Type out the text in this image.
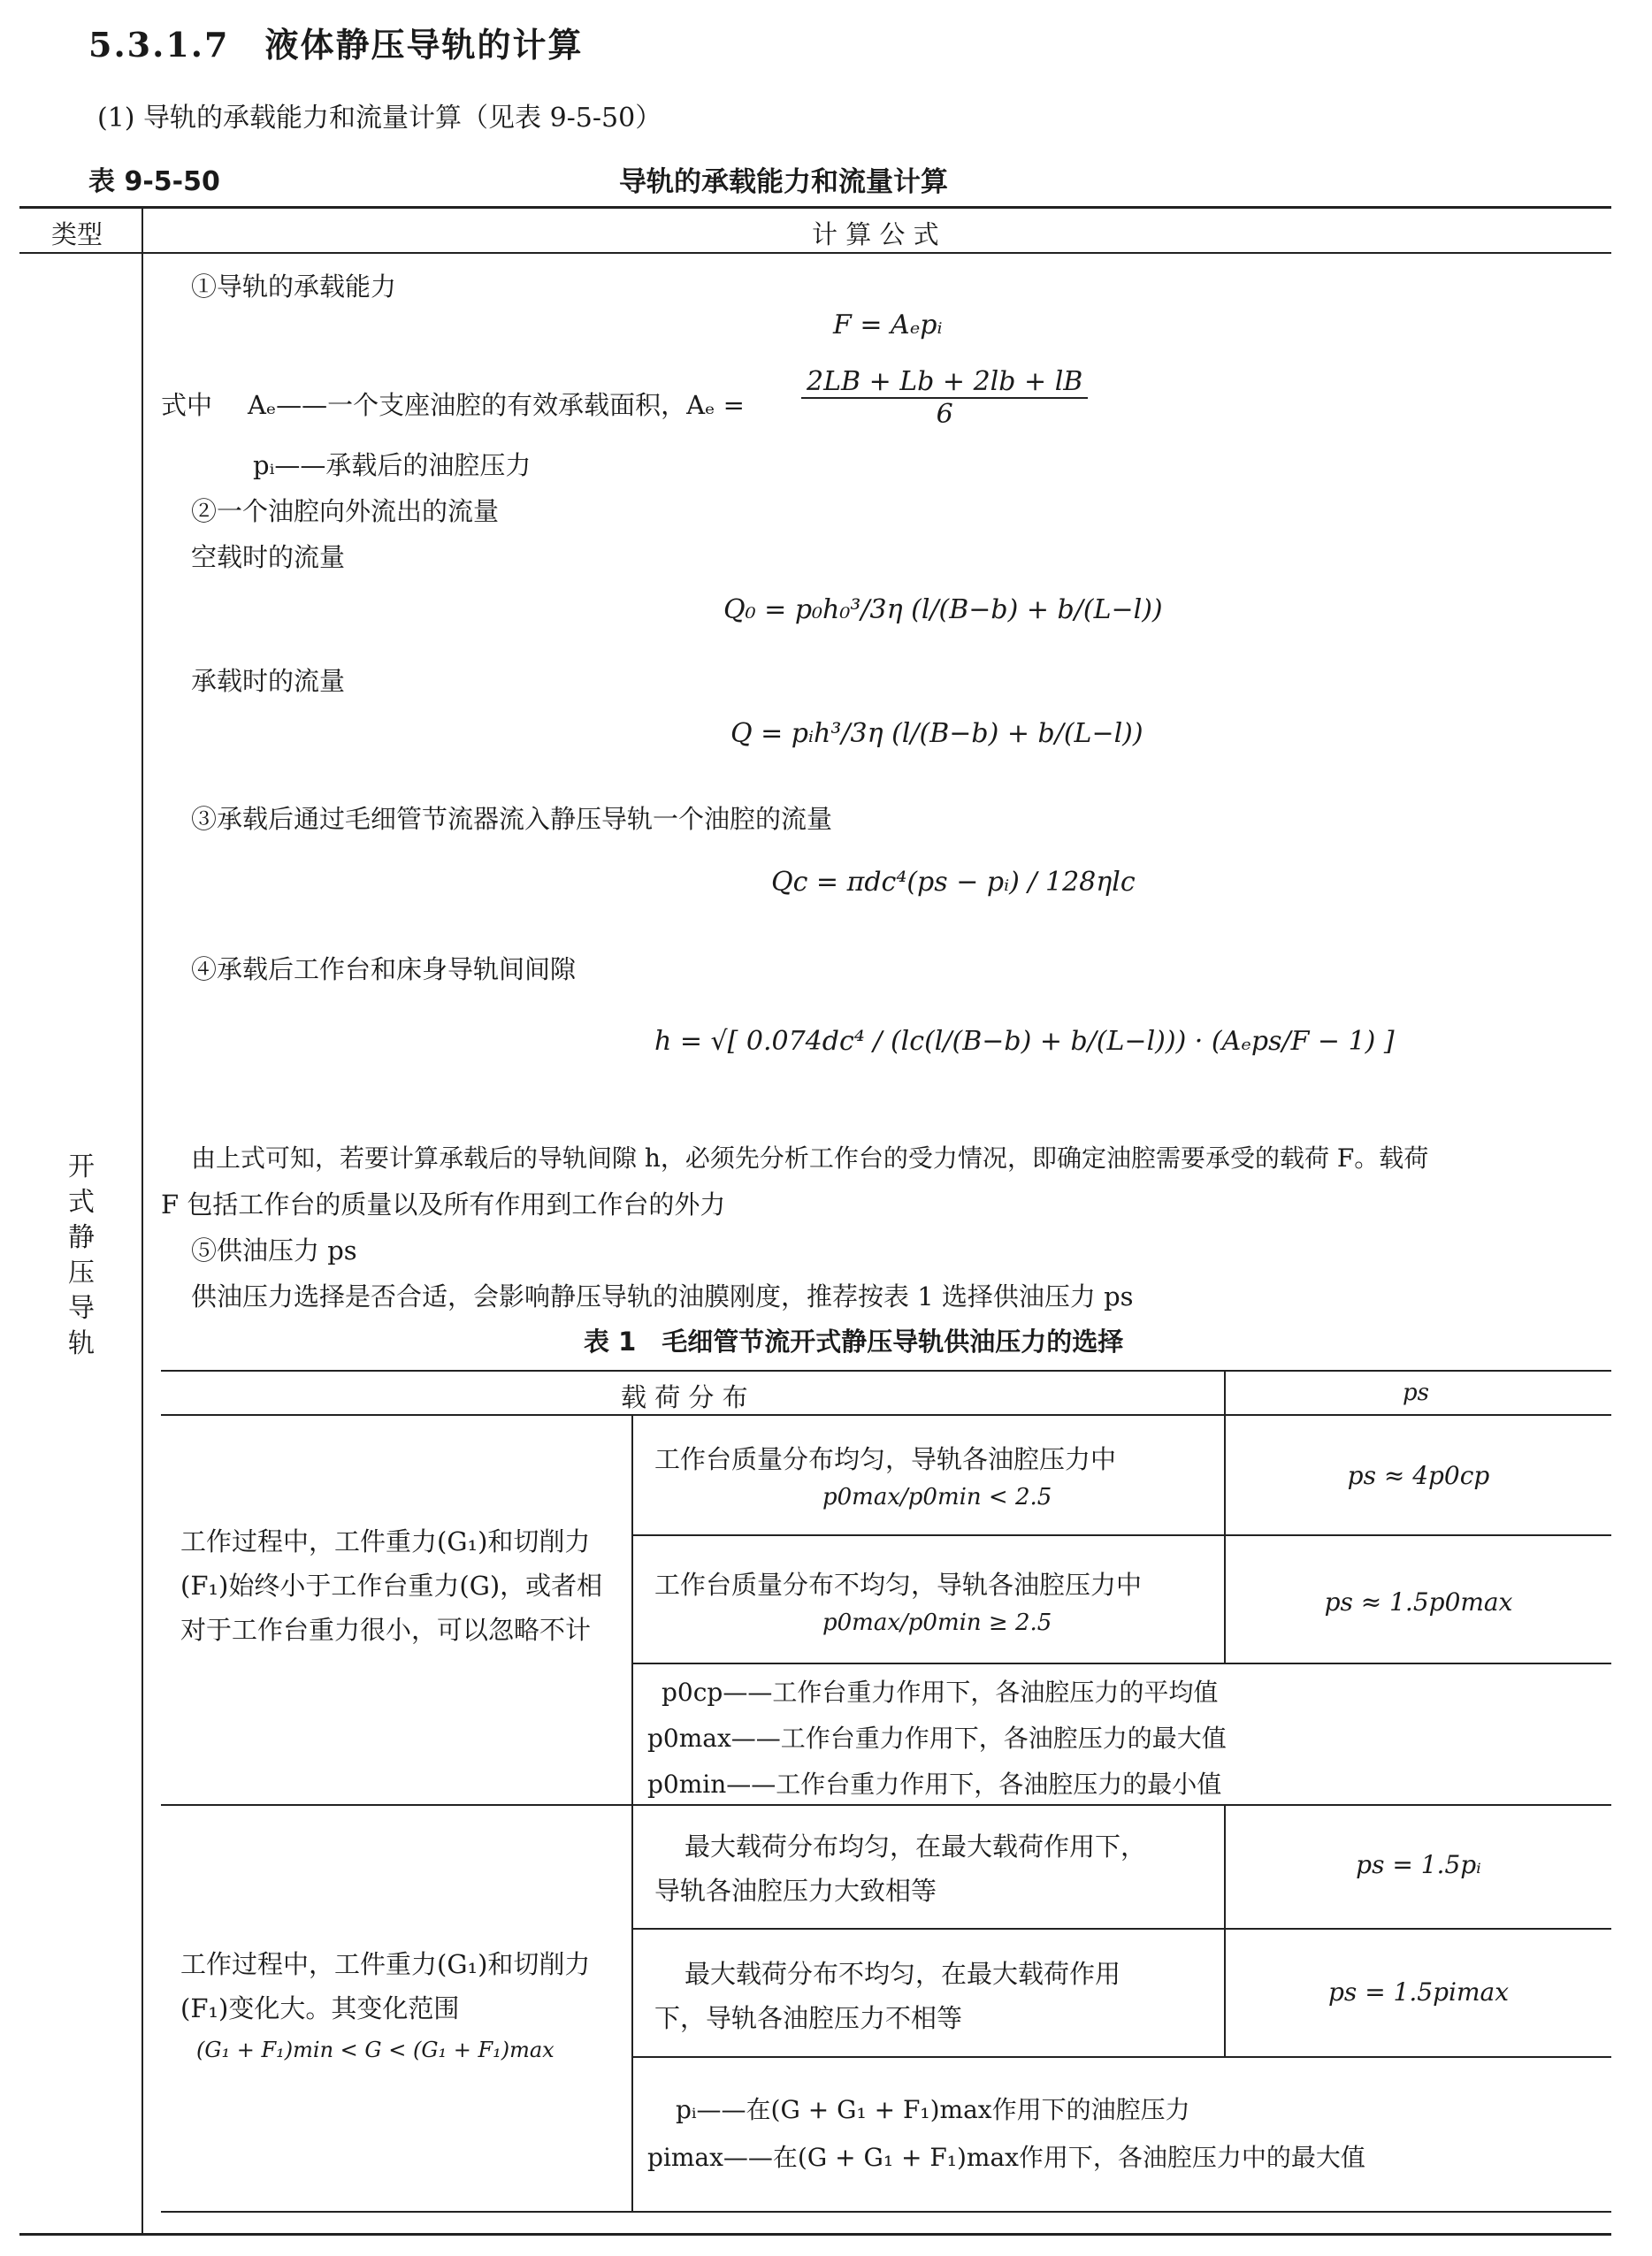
5.3.1.7　液体静压导轨的计算
(1) 导轨的承载能力和流量计算（见表 9-5-50）
表 9-5-50	导轨的承载能力和流量计算
类型	计 算 公 式
开式静压导轨
①导轨的承载能力
F = Aₑpᵢ
式中 Aₑ——一个支座油腔的有效承载面积，$A_e = \frac{2LB + Lb + 2lb + lB}{6}$
pᵢ——承载后的油腔压力
②一个油腔向外流出的流量
空载时的流量
Q₀ = p₀h₀³/3η (l/(B−b) + b/(L−l))
承载时的流量
Q = pᵢh³/3η (l/(B−b) + b/(L−l))
③承载后通过毛细管节流器流入静压导轨一个油腔的流量
Qc = πdc⁴(ps − pᵢ) / 128ηlc
④承载后工作台和床身导轨间间隙
h = √[ 0.074dc⁴ / (lc(l/(B−b) + b/(L−l))) · (Aₑps/F − 1) ]
由上式可知，若要计算承载后的导轨间隙 h，必须先分析工作台的受力情况，即确定油腔需要承受的载荷 F。载荷
F 包括工作台的质量以及所有作用到工作台的外力
⑤供油压力 ps
供油压力选择是否合适，会影响静压导轨的油膜刚度，推荐按表 1 选择供油压力 ps
表 1　毛细管节流开式静压导轨供油压力的选择
载 荷 分 布	ps
工作过程中，工件重力(G₁)和切削力(F₁)始终小于工作台重力(G)，或者相对于工作台重力很小，可以忽略不计
工作台质量分布均匀，导轨各油腔压力中
p0max/p0min < 2.5
ps ≈ 4p0cp
工作台质量分布不均匀，导轨各油腔压力中
p0max/p0min ≥ 2.5
ps ≈ 1.5p0max
p0cp——工作台重力作用下，各油腔压力的平均值
p0max——工作台重力作用下，各油腔压力的最大值
p0min——工作台重力作用下，各油腔压力的最小值
工作过程中，工件重力(G₁)和切削力(F₁)变化大。其变化范围
(G₁ + F₁)min < G < (G₁ + F₁)max
最大载荷分布均匀，在最大载荷作用下，
导轨各油腔压力大致相等
ps = 1.5pᵢ
最大载荷分布不均匀，在最大载荷作用
下，导轨各油腔压力不相等
ps = 1.5pimax
pᵢ——在(G + G₁ + F₁)max作用下的油腔压力
pimax——在(G + G₁ + F₁)max作用下，各油腔压力中的最大值
